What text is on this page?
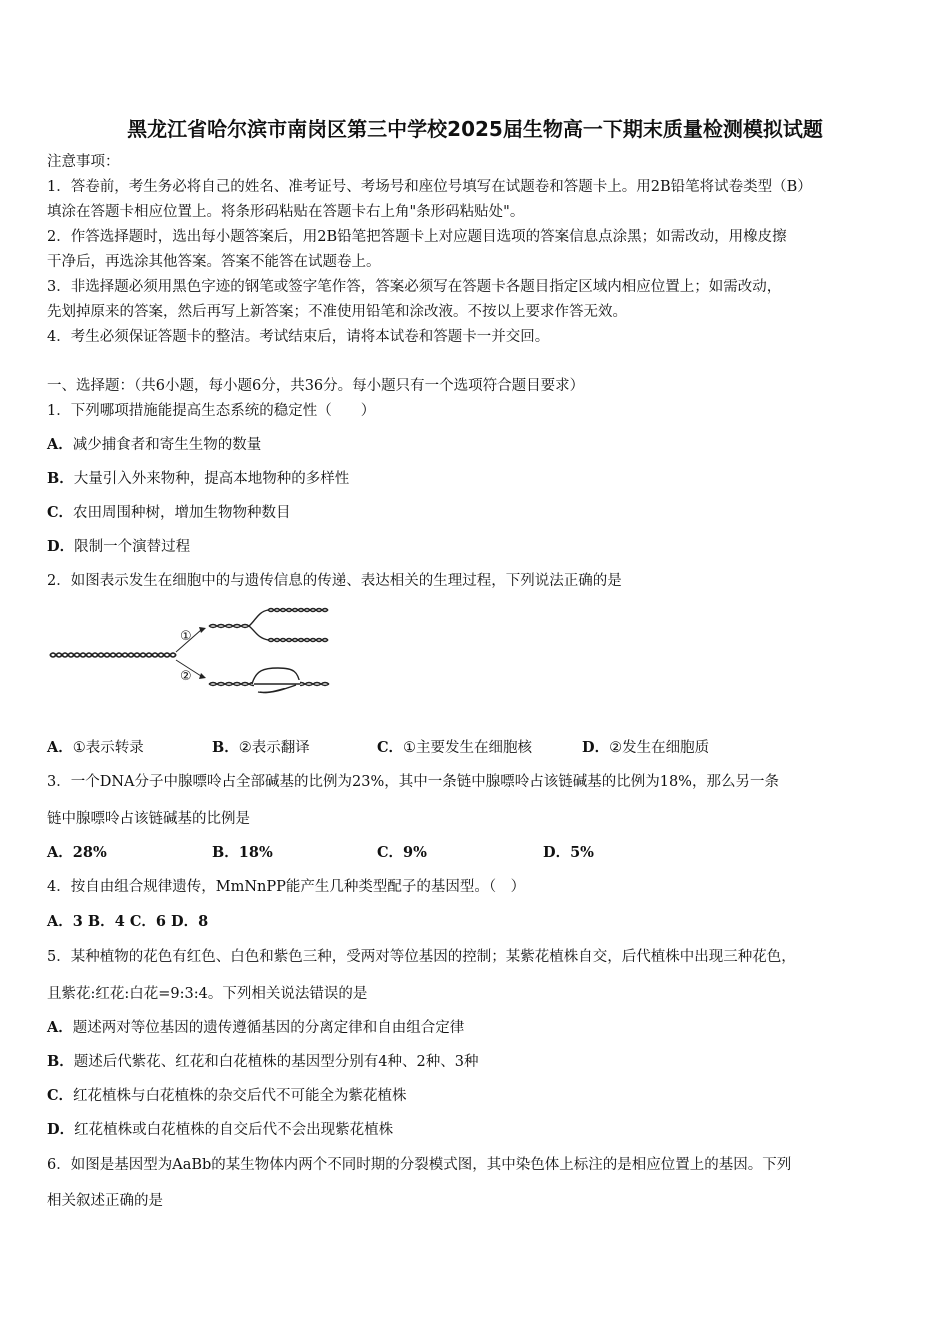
黑龙江省哈尔滨市南岗区第三中学校2025届生物高一下期末质量检测模拟试题
注意事项：
1．答卷前，考生务必将自己的姓名、准考证号、考场号和座位号填写在试题卷和答题卡上。用2B铅笔将试卷类型（B）
填涂在答题卡相应位置上。将条形码粘贴在答题卡右上角"条形码粘贴处"。
2．作答选择题时，选出每小题答案后，用2B铅笔把答题卡上对应题目选项的答案信息点涂黑；如需改动，用橡皮擦
干净后，再选涂其他答案。答案不能答在试题卷上。
3．非选择题必须用黑色字迹的钢笔或签字笔作答，答案必须写在答题卡各题目指定区域内相应位置上；如需改动，
先划掉原来的答案，然后再写上新答案；不准使用铅笔和涂改液。不按以上要求作答无效。
4．考生必须保证答题卡的整洁。考试结束后，请将本试卷和答题卡一并交回。
一、选择题：（共6小题，每小题6分，共36分。每小题只有一个选项符合题目要求）
1．下列哪项措施能提高生态系统的稳定性（　　）
A．减少捕食者和寄生生物的数量
B．大量引入外来物种，提高本地物种的多样性
C．农田周围种树，增加生物物种数目
D．限制一个演替过程
2．如图表示发生在细胞中的与遗传信息的传递、表达相关的生理过程，下列说法正确的是
①
②
A．①表示转录	B．②表示翻译	C．①主要发生在细胞核	D．②发生在细胞质
3．一个DNA分子中腺嘌呤占全部碱基的比例为23%，其中一条链中腺嘌呤占该链碱基的比例为18%，那么另一条
链中腺嘌呤占该链碱基的比例是
A．28%	B．18%	C．9%	D．5%
4．按自由组合规律遗传，MmNnPP能产生几种类型配子的基因型。（　）
A．3 B．4 C．6 D．8
5．某种植物的花色有红色、白色和紫色三种，受两对等位基因的控制；某紫花植株自交，后代植株中出现三种花色，
且紫花:红花:白花=9:3:4。下列相关说法错误的是
A．题述两对等位基因的遗传遵循基因的分离定律和自由组合定律
B．题述后代紫花、红花和白花植株的基因型分别有4种、2种、3种
C．红花植株与白花植株的杂交后代不可能全为紫花植株
D．红花植株或白花植株的自交后代不会出现紫花植株
6．如图是基因型为AaBb的某生物体内两个不同时期的分裂模式图，其中染色体上标注的是相应位置上的基因。下列
相关叙述正确的是
